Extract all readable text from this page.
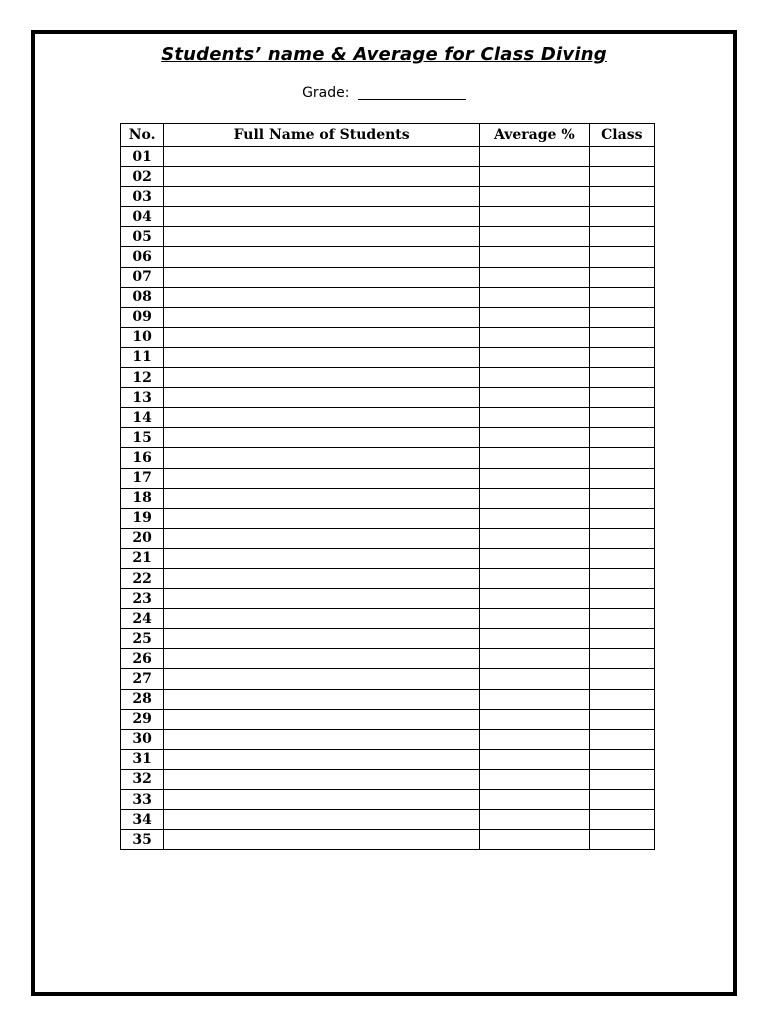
Students’ name & Average for Class Diving
Grade:
No.	Full Name of Students	Average %	Class
01			
02			
03			
04			
05			
06			
07			
08			
09			
10			
11			
12			
13			
14			
15			
16			
17			
18			
19			
20			
21			
22			
23			
24			
25			
26			
27			
28			
29			
30			
31			
32			
33			
34			
35			
